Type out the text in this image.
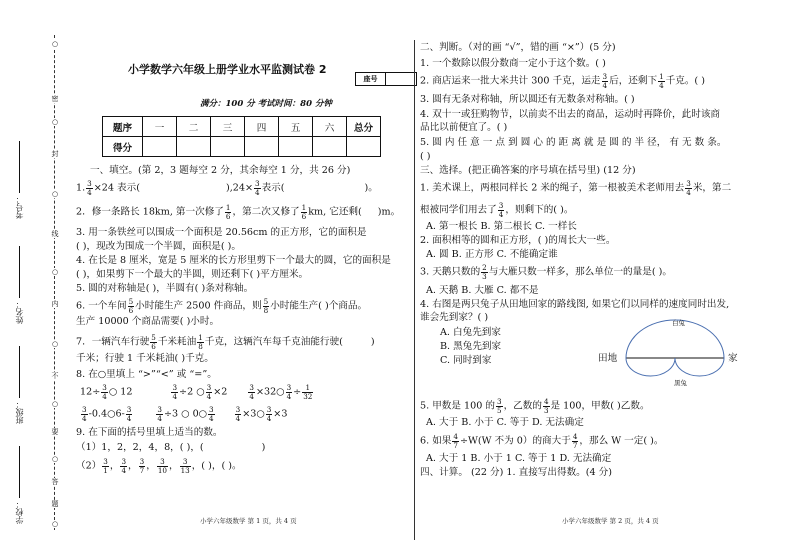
○
密
○
封
○
线
○
内
○
不
○
要
○
答
题
○
学校：
班级：
姓名：
考号：
小学数学六年级上册学业水平监测试卷 2
座号
满分：100 分 考试时间：80 分钟
题序	一	二	三	四	五	六	总分
得分							
一、填空。(第 2，3 题每空 2 分，其余每空 1 分，共 26 分)
1. $\frac{3}{4} \times 24$ 表示(	)$,24\times \frac{3}{4}$ 表示(	)。
2．修一条路长 18km, 第一次修了 $\frac{1}{6}$ ，第二次又修了 $\frac{1}{6}$ km, 它还剩( )m。
3. 用一条铁丝可以围成一个面积是 20.56cm 的正方形，它的面积是
( )，现改为围成一个半圆，面积是( )。
4. 在长是 8 厘米，宽是 5 厘米的长方形里剪下一个最大的圆，它的面积是
( )，如果剪下一个最大的半圆，则还剩下( )平方厘米。
5. 圆的对称轴是( )，半圆有( )条对称轴。
6. 一个车间 $\frac{5}{6}$ 小时能生产 2500 件商品，则 $\frac{5}{8}$ 小时能生产( )个商品。
生产 10000 个商品需要( )小时。
7．一辆汽车行驶 $\frac{5}{6}$ 千米耗油 $\frac{1}{8}$ 千克，这辆汽车每千克油能行驶(	)
千米；行驶 1 千米耗油( )千克。
8. 在○里填上 “>”“<” 或 “=”。
$12\div \frac{3}{4}$ ○ 12	$\frac{3}{4} \div 2$ ○ $\frac{3}{4} \times 2$	$\frac{3}{4}$ ×32○ $\frac{3}{4} \div \frac{1}{32}$
$\frac{3}{4}$ -0.4○6- $\frac{3}{4}$	$\frac{3}{4} \div 3$ ○ 0○ $\frac{3}{4}$	$\frac{3}{4}$ ×3○ $\frac{3}{4} \times 3$
9. 在下面的括号里填上适当的数。
（1）1，2，2，4，8，( )，(	)
$(2) \frac{3}{1}$ ， $\frac{3}{4}$ ， $\frac{3}{7}$ ， $\frac{3}{10}$ ， $\frac{3}{13}$ ，( )，( )。
小学六年级数学 第 1 页，共 4 页
二、判断。（对的画 “√”，错的画 “×”）(5 分)
1. 一个数除以假分数商一定小于这个数。( )
2. 商店运来一批大米共计 300 千克，运走 $\frac{3}{4}$ 后，还剩下 $\frac{1}{4}$ 千克。( )
3. 圆有无条对称轴，所以圆还有无数条对称轴。( )
4. 双十一或狂购物节，以前卖不出去的商品，运动时再降价，此时该商
品比以前便宜了。( )
5. 圆 内 任 意 一 点 到 圆 心 的 距 离 就 是 圆 的 半 径， 有 无 数 条。
( )
三、选择。(把正确答案的序号填在括号里) (12 分)
1. 美术课上，两根同样长 2 米的绳子，第一根被美术老师用去 $\frac{3}{4}$ 米，第二
根被同学们用去了 $\frac{3}{4}$ ，则剩下的( )。
A. 第一根长 B. 第二根长 C. 一样长
2. 面积相等的圆和正方形，( )的周长大一些。
A. 圆 B. 正方形 C. 不能确定谁
3. 天鹅只数的 $\frac{2}{3}$ 与大雁只数一样多，那么单位一的量是( )。
A. 天鹅 B. 大雁 C. 都不是
4. 右图是两只兔子从田地回家的路线图, 如果它们以同样的速度同时出发,
谁会先到家？( )
A. 白兔先到家
B. 黑兔先到家
C. 同时到家
白兔
田地	家
黑兔
5. 甲数是 100 的 $\frac{3}{5}$ ，乙数的 $\frac{4}{3}$ 是 100，甲数( )乙数。
A. 大于 B. 小于 C. 等于 D. 无法确定
6. 如果 $\frac{4}{7} \div W(W$ 不为 0）的商大于 $\frac{4}{7}$ ，那么 W 一定( )。
A. 大于 1 B. 小于 1 C. 等于 1 D. 无法确定
四、计算。 (22 分) 1. 直接写出得数。(4 分)
小学六年级数学 第 2 页，共 4 页
